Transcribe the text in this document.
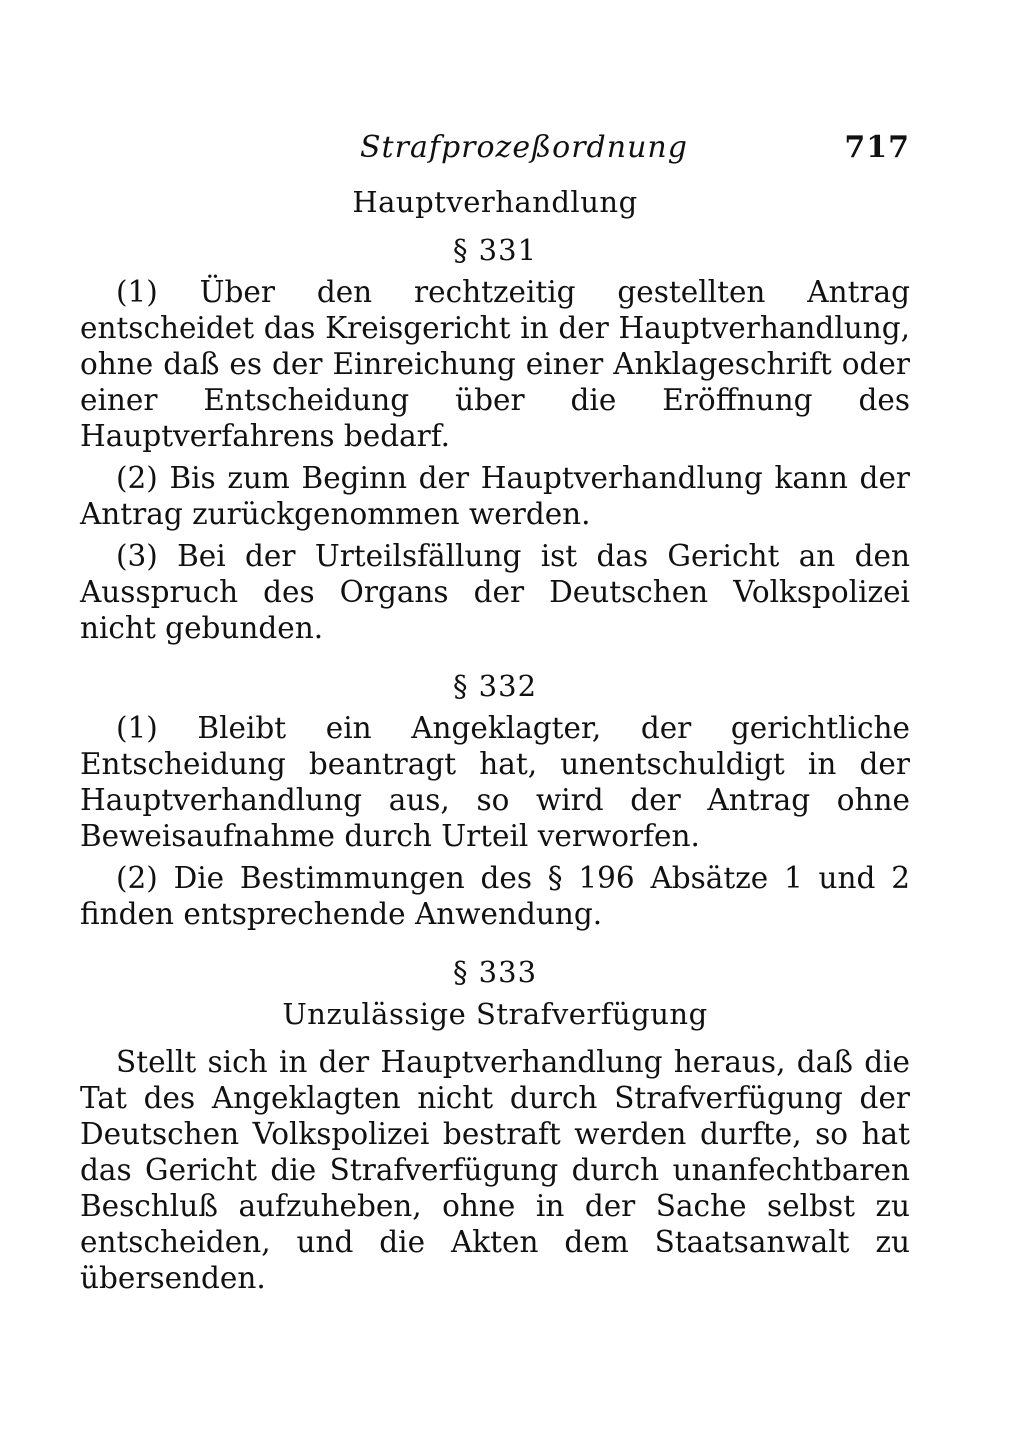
Strafprozeßordnung	717
Hauptverhandlung
§ 331

(1) Über den rechtzeitig gestellten Antrag entscheidet das Kreisgericht in der Hauptverhandlung, ohne daß es der Einreichung einer Anklageschrift oder einer Entscheidung über die Eröffnung des Hauptverfahrens bedarf.

(2) Bis zum Beginn der Hauptverhandlung kann der Antrag zurückgenommen werden.

(3) Bei der Urteilsfällung ist das Gericht an den Ausspruch des Organs der Deutschen Volkspolizei nicht gebunden.

§ 332

(1) Bleibt ein Angeklagter, der gerichtliche Entscheidung beantragt hat, unentschuldigt in der Hauptverhandlung aus, so wird der Antrag ohne Beweisaufnahme durch Urteil verworfen.

(2) Die Bestimmungen des § 196 Absätze 1 und 2 finden entsprechende Anwendung.

§ 333
Unzulässige Strafverfügung

Stellt sich in der Hauptverhandlung heraus, daß die Tat des Angeklagten nicht durch Strafverfügung der Deutschen Volkspolizei bestraft werden durfte, so hat das Gericht die Strafverfügung durch unanfechtbaren Beschluß aufzuheben, ohne in der Sache selbst zu entscheiden, und die Akten dem Staatsanwalt zu übersenden.
